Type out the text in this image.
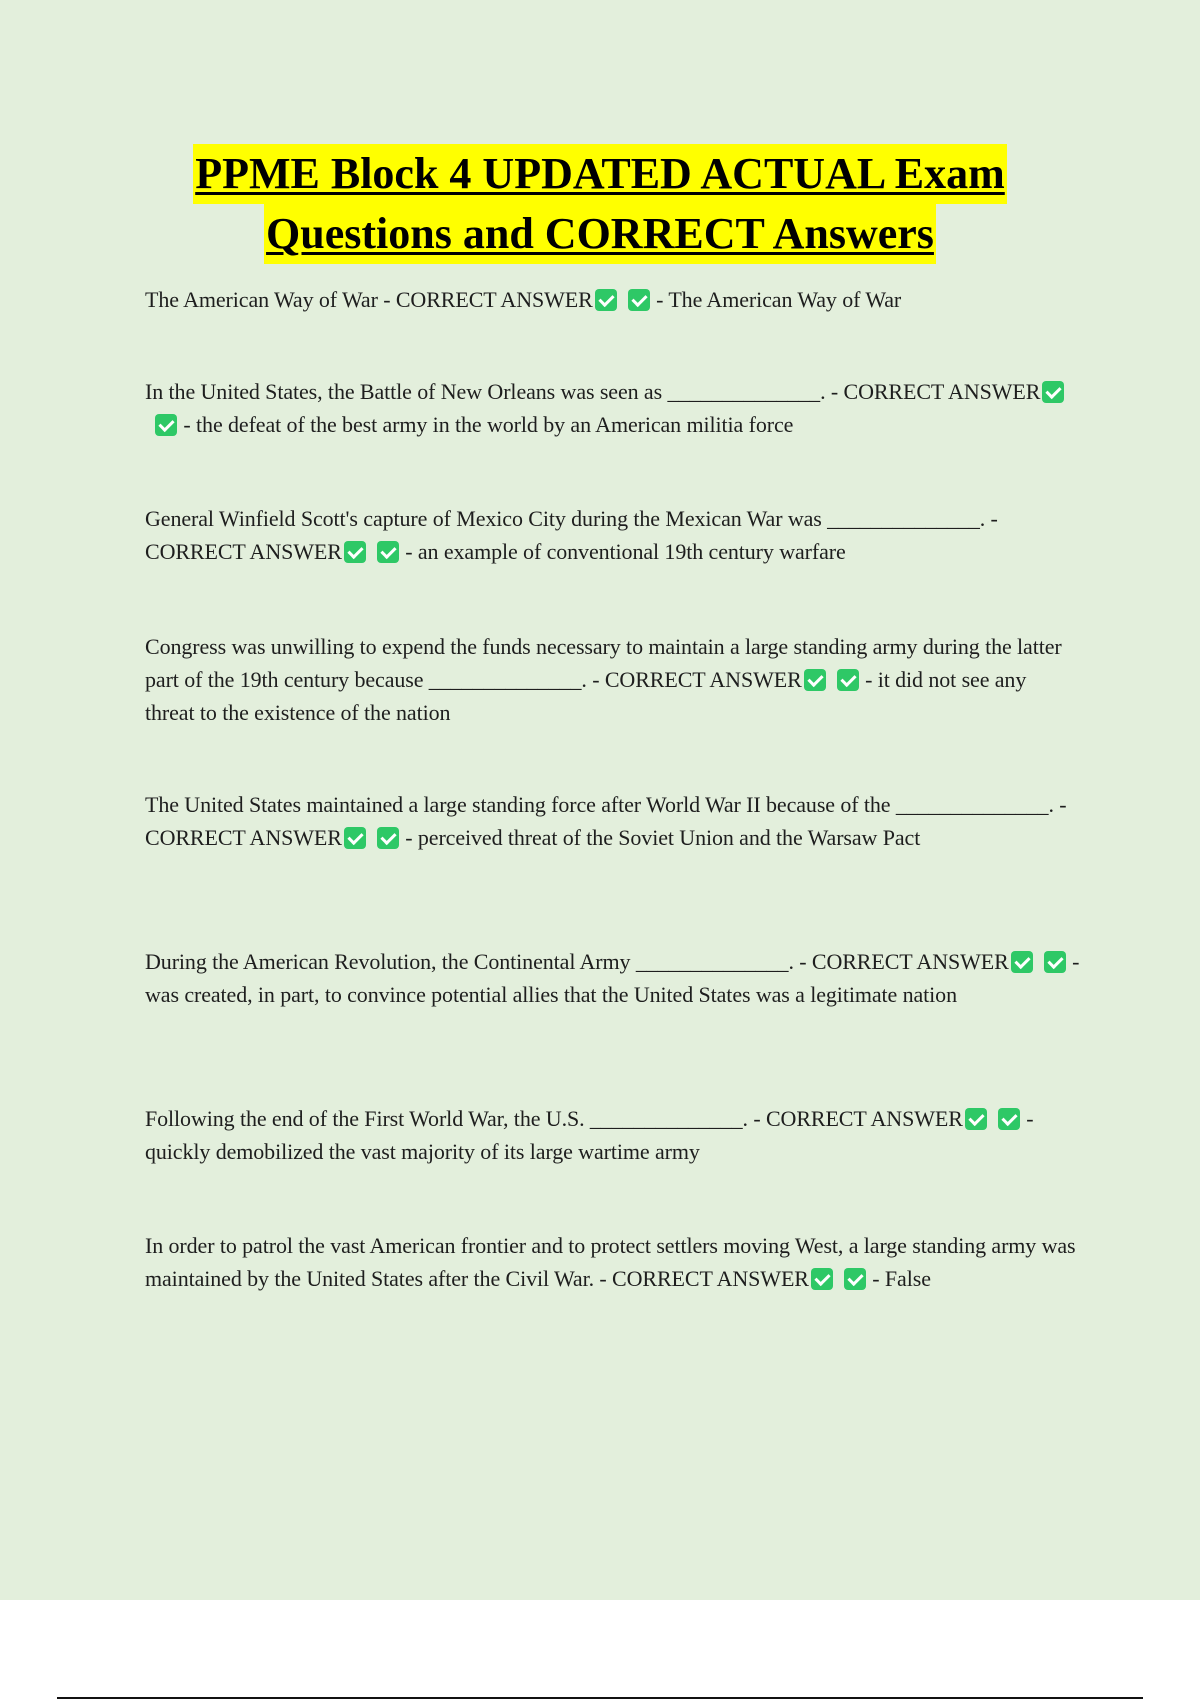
PPME Block 4 UPDATED ACTUAL Exam
Questions and CORRECT Answers
The American Way of War - CORRECT ANSWER	- The American Way of War
In the United States, the Battle of New Orleans was seen as ______________. - CORRECT ANSWER - the defeat of the best army in the world by an American militia force
General Winfield Scott's capture of Mexico City during the Mexican War was ______________. - CORRECT ANSWER	- an example of conventional 19th century warfare
Congress was unwilling to expend the funds necessary to maintain a large standing army during the latter part of the 19th century because ______________. - CORRECT ANSWER	- it did not see any threat to the existence of the nation
The United States maintained a large standing force after World War II because of the ______________. - CORRECT ANSWER	- perceived threat of the Soviet Union and the Warsaw Pact
During the American Revolution, the Continental Army ______________. - CORRECT ANSWER	- was created, in part, to convince potential allies that the United States was a legitimate nation
Following the end of the First World War, the U.S. ______________. - CORRECT ANSWER	- quickly demobilized the vast majority of its large wartime army
In order to patrol the vast American frontier and to protect settlers moving West, a large standing army was maintained by the United States after the Civil War. - CORRECT ANSWER	- False
